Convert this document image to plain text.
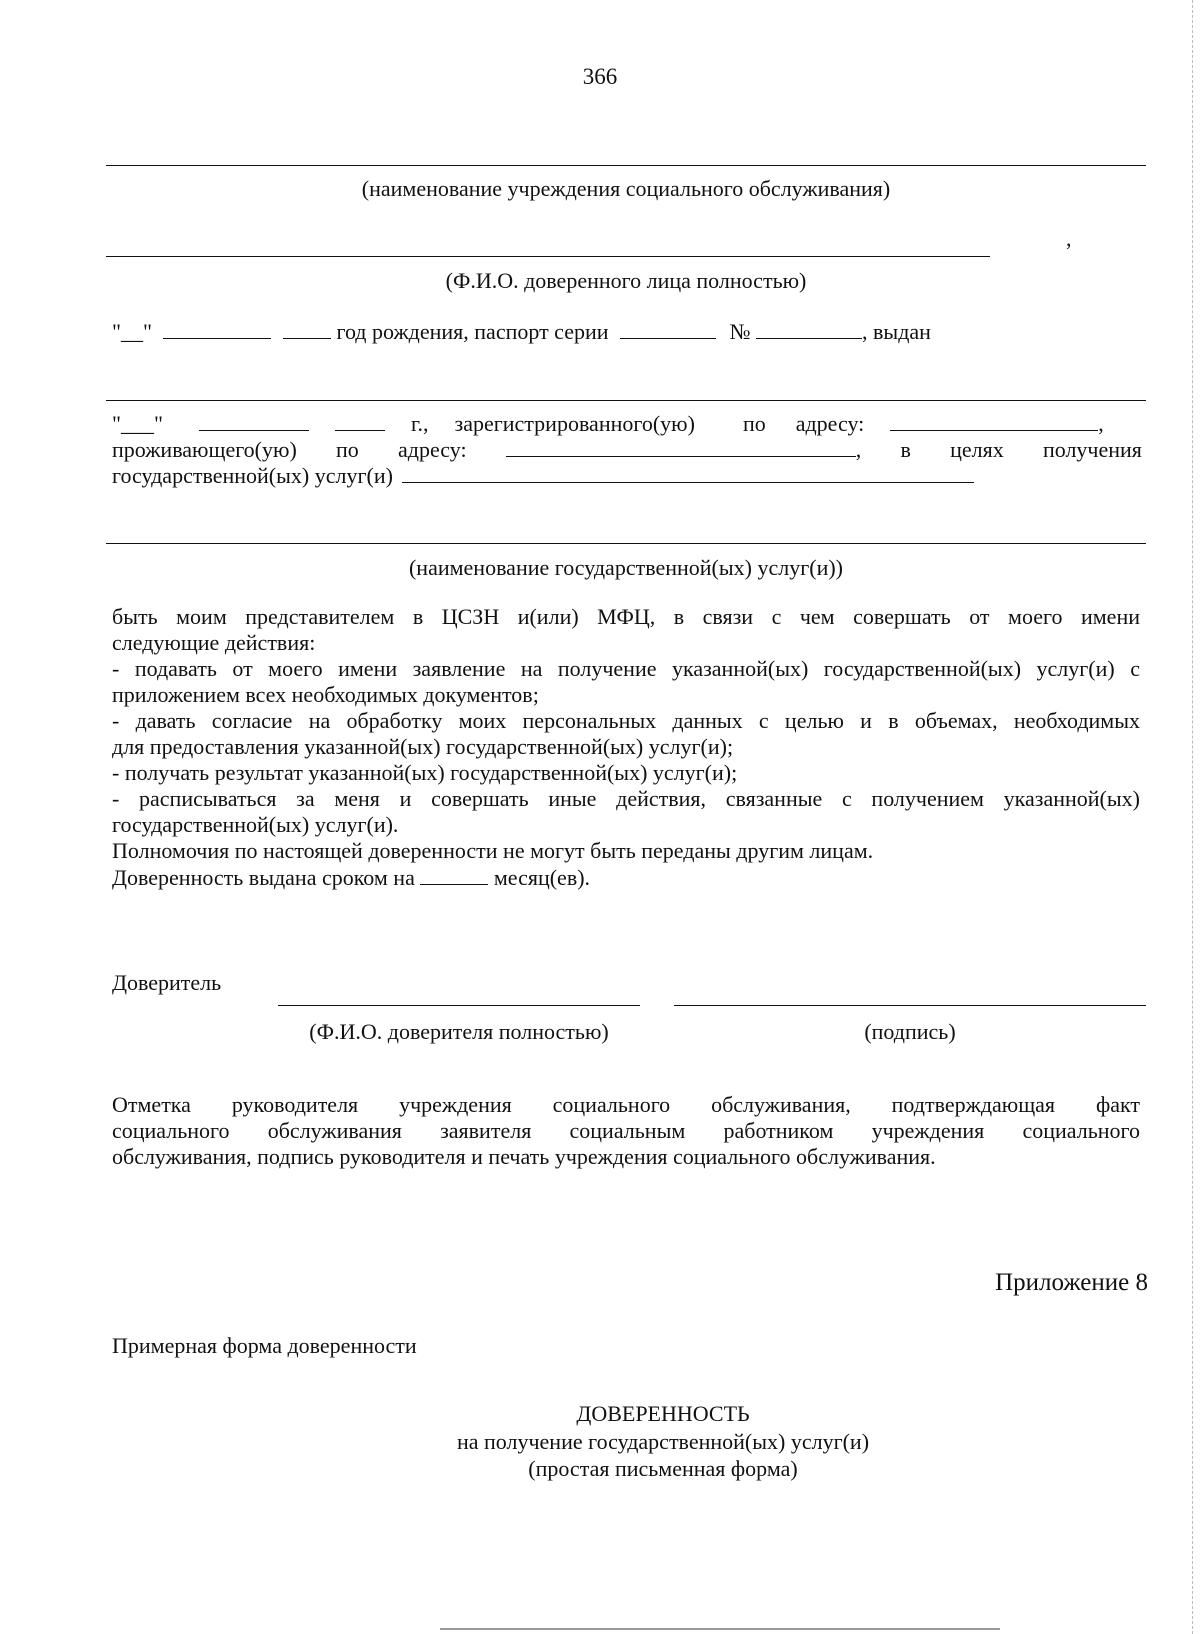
366
(наименование учреждения социального обслуживания)
,
(Ф.И.О. доверенного лица полностью)
"__"	год рождения, паспорт серии	№	, выдан
"___"	г., зарегистрированного(ую) по адресу:	,
проживающего(ую) по адресу:	, в целях получения
государственной(ых) услуг(и)
(наименование государственной(ых) услуг(и))
быть моим представителем в ЦСЗН и(или) МФЦ, в связи с чем совершать от моего имени
следующие действия:
- подавать от моего имени заявление на получение указанной(ых) государственной(ых) услуг(и) с
приложением всех необходимых документов;
- давать согласие на обработку моих персональных данных с целью и в объемах, необходимых
для предоставления указанной(ых) государственной(ых) услуг(и);
- получать результат указанной(ых) государственной(ых) услуг(и);
- расписываться за меня и совершать иные действия, связанные с получением указанной(ых)
государственной(ых) услуг(и).
Полномочия по настоящей доверенности не могут быть переданы другим лицам.
Доверенность выдана сроком на	месяц(ев).
Доверитель
(Ф.И.О. доверителя полностью)	(подпись)
Отметка руководителя учреждения социального обслуживания, подтверждающая факт
социального обслуживания заявителя социальным работником учреждения социального
обслуживания, подпись руководителя и печать учреждения социального обслуживания.
Приложение 8
Примерная форма доверенности
ДОВЕРЕННОСТЬ
на получение государственной(ых) услуг(и)
(простая письменная форма)
